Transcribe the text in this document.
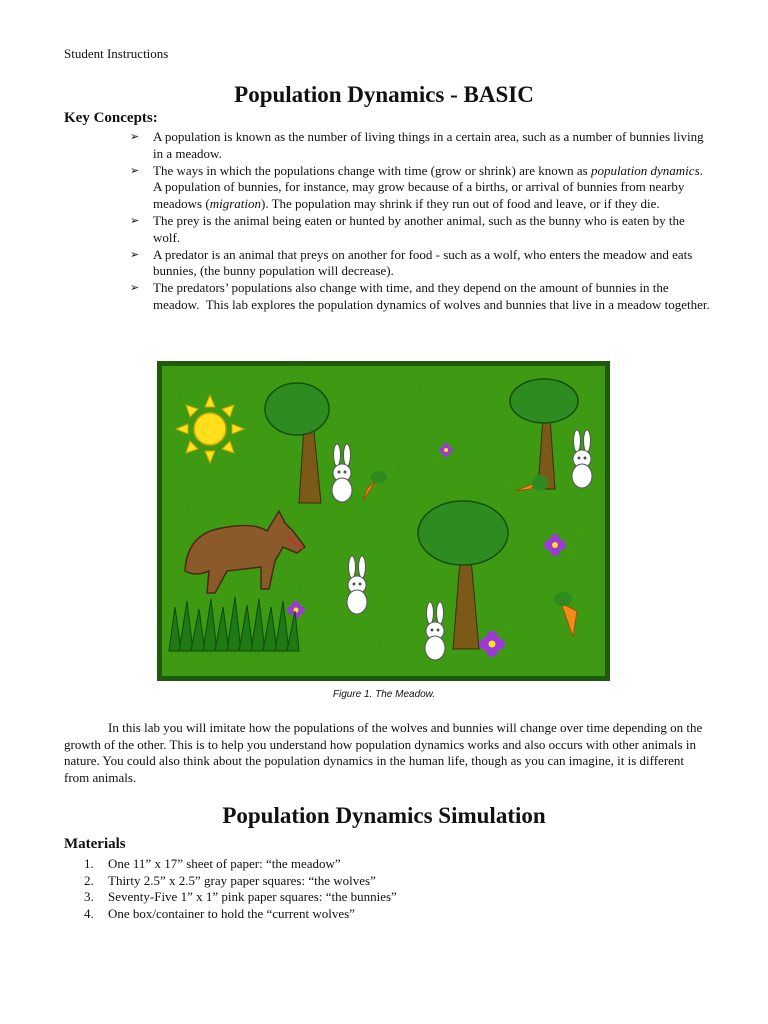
Student Instructions
Population Dynamics - BASIC
Key Concepts:
➢ A population is known as the number of living things in a certain area, such as a number of bunnies living in a meadow.
➢ The ways in which the populations change with time (grow or shrink) are known as population dynamics.  A population of bunnies, for instance, may grow because of a births, or arrival of bunnies from nearby meadows (migration). The population may shrink if they run out of food and leave, or if they die.
➢ The prey is the animal being eaten or hunted by another animal, such as the bunny who is eaten by the wolf.
➢ A predator is an animal that preys on another for food - such as a wolf, who enters the meadow and eats bunnies, (the bunny population will decrease).
➢ The predators’ populations also change with time, and they depend on the amount of bunnies in the meadow.  This lab explores the population dynamics of wolves and bunnies that live in a meadow together.
Figure 1. The Meadow.
In this lab you will imitate how the populations of the wolves and bunnies will change over time depending on the growth of the other. This is to help you understand how population dynamics works and also occurs with other animals in nature. You could also think about the population dynamics in the human life, though as you can imagine, it is different from animals.
Population Dynamics Simulation
Materials
1. One 11” x 17” sheet of paper: “the meadow”
2. Thirty 2.5” x 2.5” gray paper squares: “the wolves”
3. Seventy-Five 1” x 1” pink paper squares: “the bunnies”
4. One box/container to hold the “current wolves”
